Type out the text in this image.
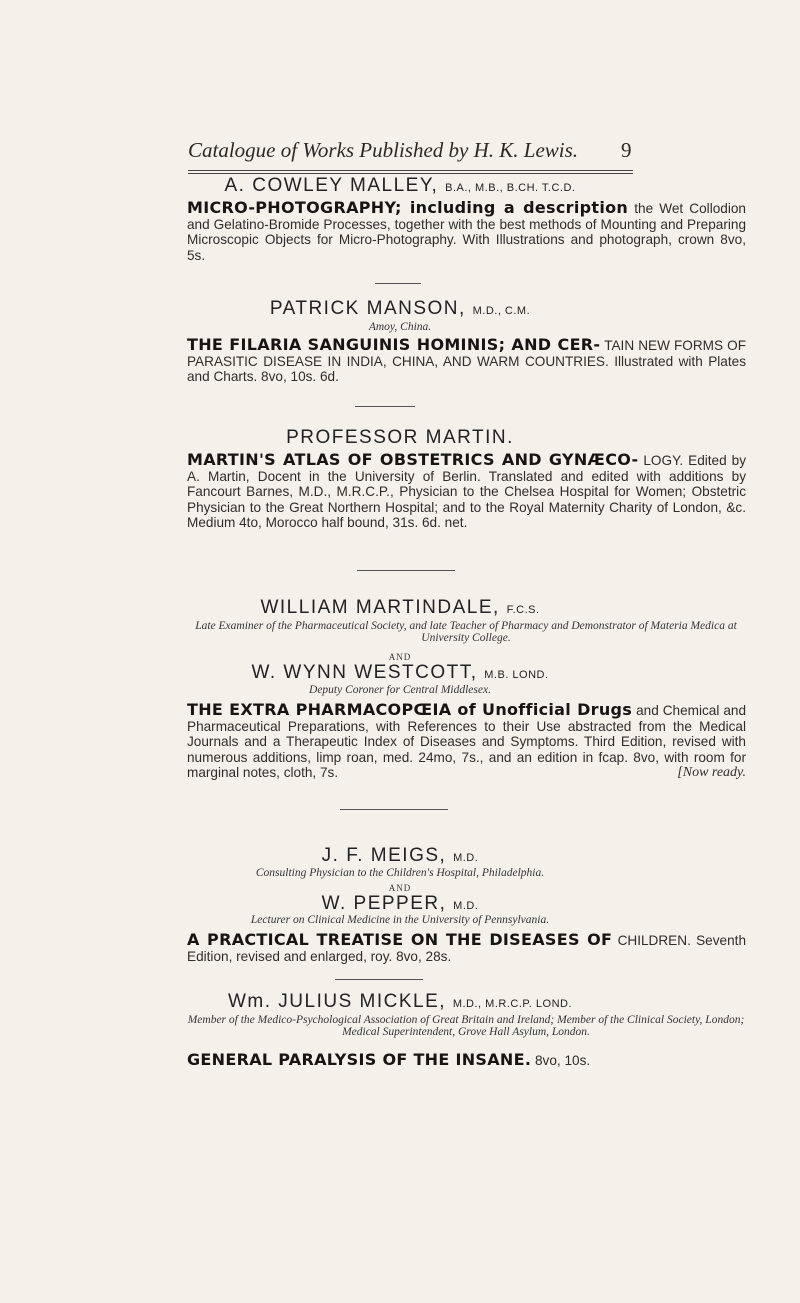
Catalogue of Works Published by H. K. Lewis. 9
A. COWLEY MALLEY, B.A., M.B., B.CH. T.C.D.
MICRO-PHOTOGRAPHY; including a description the Wet Collodion and Gelatino-Bromide Processes, together with the best methods of Mounting and Preparing Microscopic Objects for Micro-Photography. With Illustrations and photograph, crown 8vo, 5s.
PATRICK MANSON, M.D., C.M.
Amoy, China.
THE FILARIA SANGUINIS HOMINIS; AND CER- TAIN NEW FORMS OF PARASITIC DISEASE IN INDIA, CHINA, AND WARM COUNTRIES. Illustrated with Plates and Charts. 8vo, 10s. 6d.
PROFESSOR MARTIN.
MARTIN'S ATLAS OF OBSTETRICS AND GYNÆCO- LOGY. Edited by A. Martin, Docent in the University of Berlin. Translated and edited with additions by Fancourt Barnes, M.D., M.R.C.P., Physician to the Chelsea Hospital for Women; Obstetric Physician to the Great Northern Hospital; and to the Royal Maternity Charity of London, &c. Medium 4to, Morocco half bound, 31s. 6d. net.
WILLIAM MARTINDALE, F.C.S.
Late Examiner of the Pharmaceutical Society, and late Teacher of Pharmacy and Demonstrator of Materia Medica at University College.
AND
W. WYNN WESTCOTT, M.B. LOND.
Deputy Coroner for Central Middlesex.
THE EXTRA PHARMACOPŒIA of Unofficial Drugs and Chemical and Pharmaceutical Preparations, with References to their Use abstracted from the Medical Journals and a Therapeutic Index of Diseases and Symptoms. Third Edition, revised with numerous additions, limp roan, med. 24mo, 7s., and an edition in fcap. 8vo, with room for marginal notes, cloth, 7s.	[Now ready.
J. F. MEIGS, M.D.
Consulting Physician to the Children's Hospital, Philadelphia.
AND
W. PEPPER, M.D.
Lecturer on Clinical Medicine in the University of Pennsylvania.
A PRACTICAL TREATISE ON THE DISEASES OF CHILDREN. Seventh Edition, revised and enlarged, roy. 8vo, 28s.
Wm. JULIUS MICKLE, M.D., M.R.C.P. LOND.
Member of the Medico-Psychological Association of Great Britain and Ireland; Member of the Clinical Society, London; Medical Superintendent, Grove Hall Asylum, London.
GENERAL PARALYSIS OF THE INSANE. 8vo, 10s.
